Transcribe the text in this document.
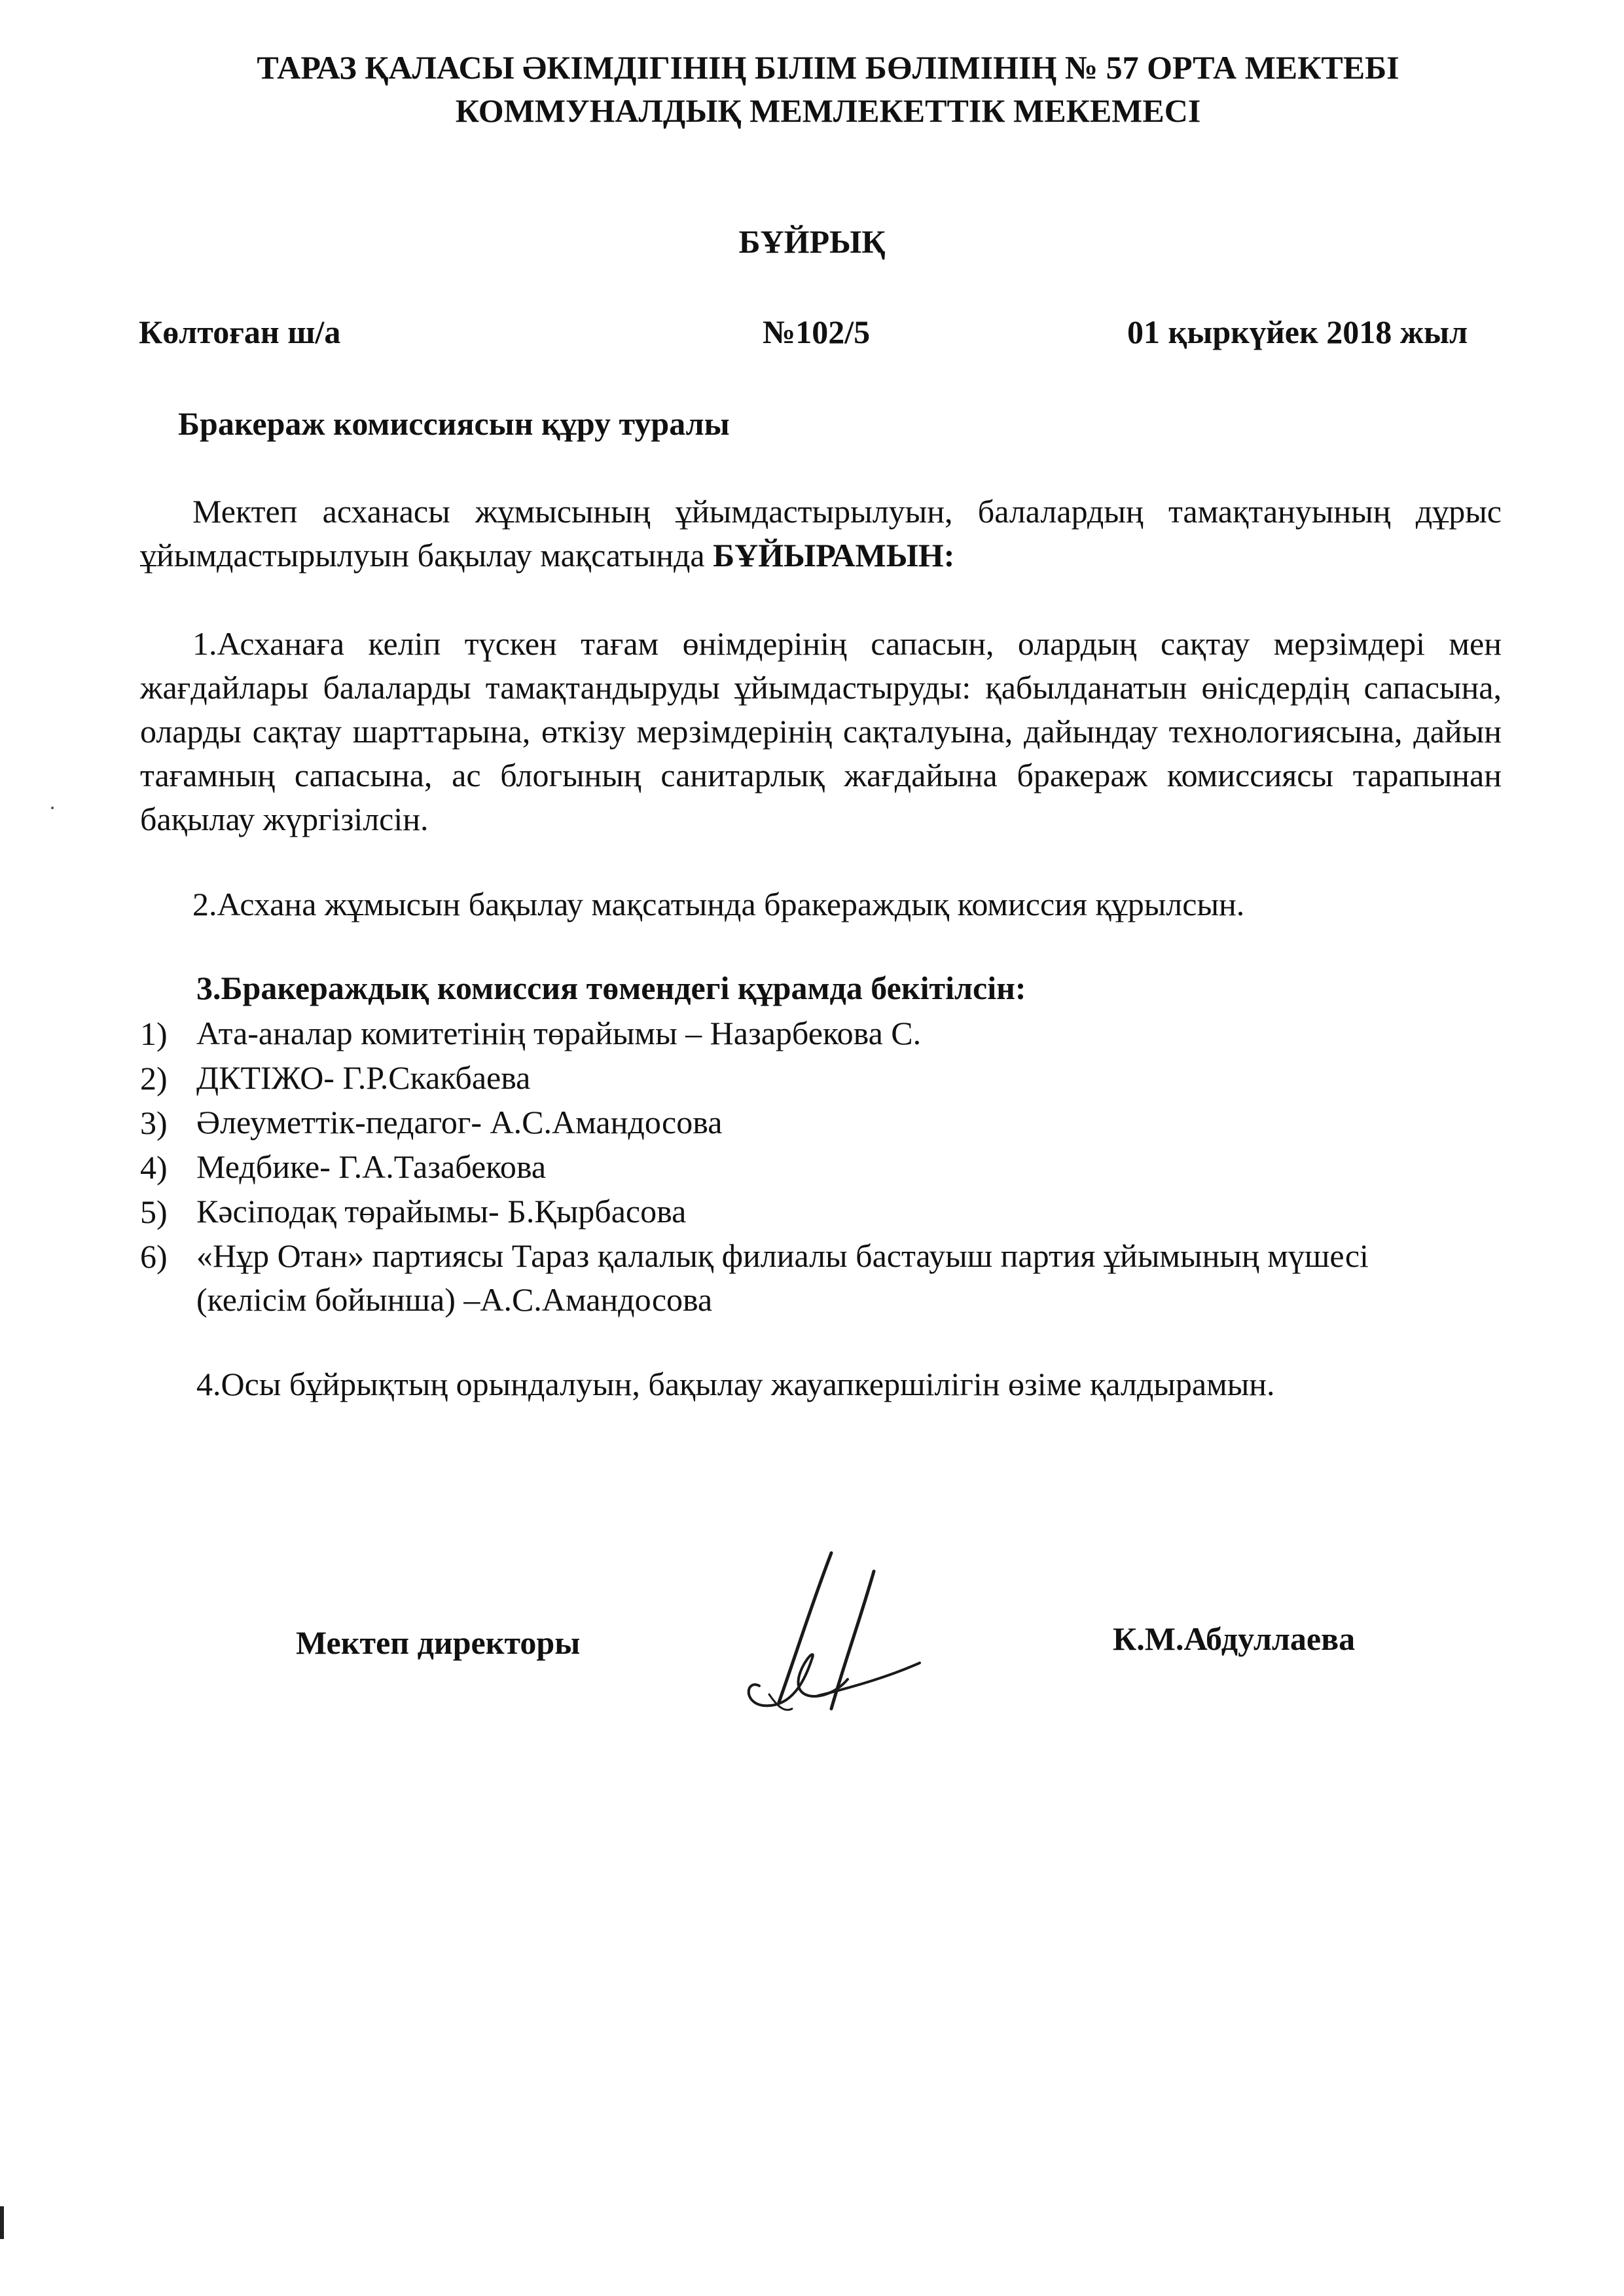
ТАРАЗ ҚАЛАСЫ ӘКІМДІГІНІҢ БІЛІМ БӨЛІМІНІҢ № 57 ОРТА МЕКТЕБІ
КОММУНАЛДЫҚ МЕМЛЕКЕТТІК МЕКЕМЕСІ
БҰЙРЫҚ
Көлтоған ш/а	№102/5	01 қыркүйек 2018 жыл
Бракераж комиссиясын құру туралы
Мектеп асханасы жұмысының ұйымдастырылуын, балалардың тамақтануының дұрыс ұйымдастырылуын бақылау мақсатында БҰЙЫРАМЫН:
1.Асханаға келіп түскен тағам өнімдерінің сапасын, олардың сақтау мерзімдері мен жағдайлары балаларды тамақтандыруды ұйымдастыруды: қабылданатын өнісдердің сапасына, оларды сақтау шарттарына, өткізу мерзімдерінің сақталуына, дайындау технологиясына, дайын тағамның сапасына, ас блогының санитарлық жағдайына бракераж комиссиясы тарапынан бақылау жүргізілсін.
2.Асхана жұмысын бақылау мақсатында бракераждық комиссия құрылсын.
3.Бракераждық комиссия төмендегі құрамда бекітілсін:
1) Ата-аналар комитетінің төрайымы – Назарбекова С.
2) ДКТІЖО- Г.Р.Скакбаева
3) Әлеуметтік-педагог- А.С.Амандосова
4) Медбике- Г.А.Тазабекова
5) Кәсіподақ төрайымы- Б.Қырбасова
6) «Нұр Отан» партиясы Тараз қалалық филиалы бастауыш партия ұйымының мүшесі (келісім бойынша) –А.С.Амандосова
4.Осы бұйрықтың орындалуын, бақылау жауапкершілігін өзіме қалдырамын.
Мектеп директоры	К.М.Абдуллаева
